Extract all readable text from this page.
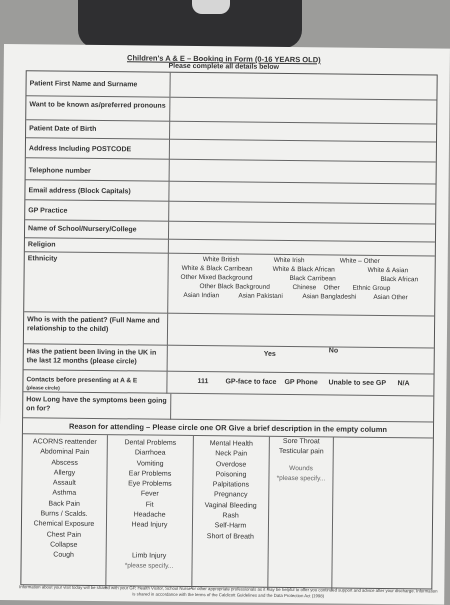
Children's A & E – Booking in Form (0-16 YEARS OLD)
Please complete all details below
Patient First Name and Surname
Want to be known as/preferred pronouns
Patient Date of Birth
Address Including POSTCODE
Telephone number
Email address (Block Capitals)
GP Practice
Name of School/Nursery/College
Religion
Ethnicity	White British	White Irish	White – Other
White & Black Carribean	White & Black African	White & Asian
Other Mixed Background	Black Carribean	Black African
Other Black Background	Chinese Other Ethnic Group
Asian Indian	Asian Pakistani	Asian Bangladeshi	Asian Other
Who is with the patient? (Full Name and relationship to the child)
Has the patient been living in the UK in the last 12 months (please circle)
Yes	No
Contacts before presenting at A & E
(please circle)
111 GP-face to face GP Phone Unable to see GP N/A
How Long have the symptoms been going on for?
Reason for attending – Please circle one OR Give a brief description in the empty column
ACORNS reattender
Abdominal Pain
Abscess
Allergy
Assault
Asthma
Back Pain
Burns / Scalds.
Chemical Exposure
Chest Pain
Collapse
Cough
Dental Problems
Diarrhoea
Vomiting
Ear Problems
Eye Problems
Fever
Fit
Headache
Head Injury
Limb Injury
*please specify...
Mental Health
Neck Pain
Overdose
Poisoning
Palpitations
Pregnancy
Vaginal Bleeding
Rash
Self-Harm
Short of Breath
Sore Throat
Testicular pain
Wounds
*please specify...
Information about your visit today will be shared with your GP, Health Visitor, School Nurse or other appropriate professionals as it may be helpful to offer you continued support and advice after your discharge. Information is shared in accordance with the terms of the Caldicott Guidelines and the Data Protection Act (1998)
